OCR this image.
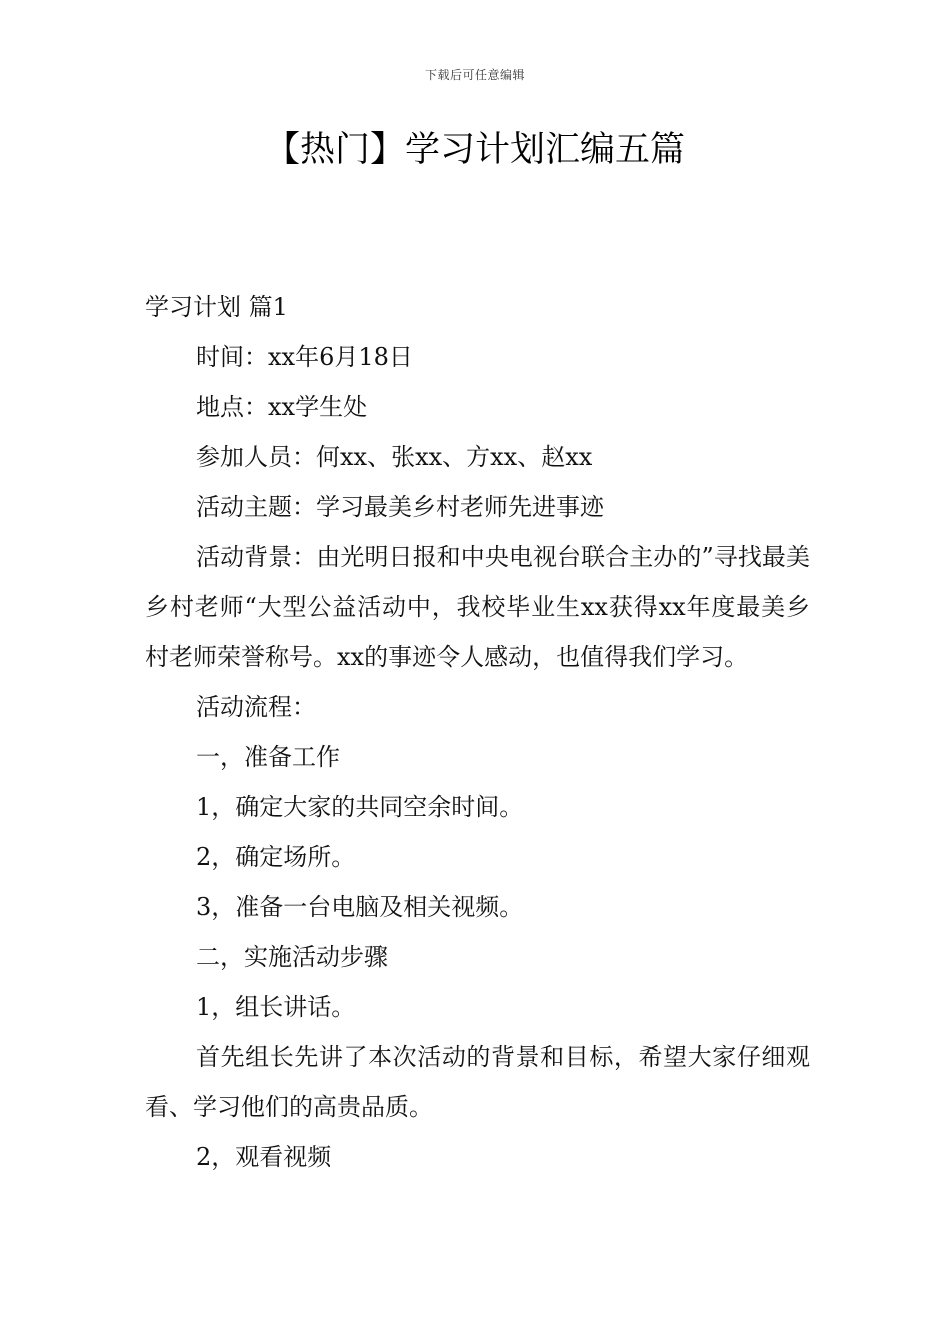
下载后可任意编辑
【热门】学习计划汇编五篇

学习计划 篇1

时间：xx年6月18日

地点：xx学生处

参加人员：何xx、张xx、方xx、赵xx

活动主题：学习最美乡村老师先进事迹

活动背景：由光明日报和中央电视台联合主办的”寻找最美乡村老师“大型公益活动中，我校毕业生xx获得xx年度最美乡村老师荣誉称号。xx的事迹令人感动，也值得我们学习。

活动流程：

一，准备工作

1，确定大家的共同空余时间。

2，确定场所。

3，准备一台电脑及相关视频。

二，实施活动步骤

1，组长讲话。

首先组长先讲了本次活动的背景和目标，希望大家仔细观看、学习他们的高贵品质。

2，观看视频
